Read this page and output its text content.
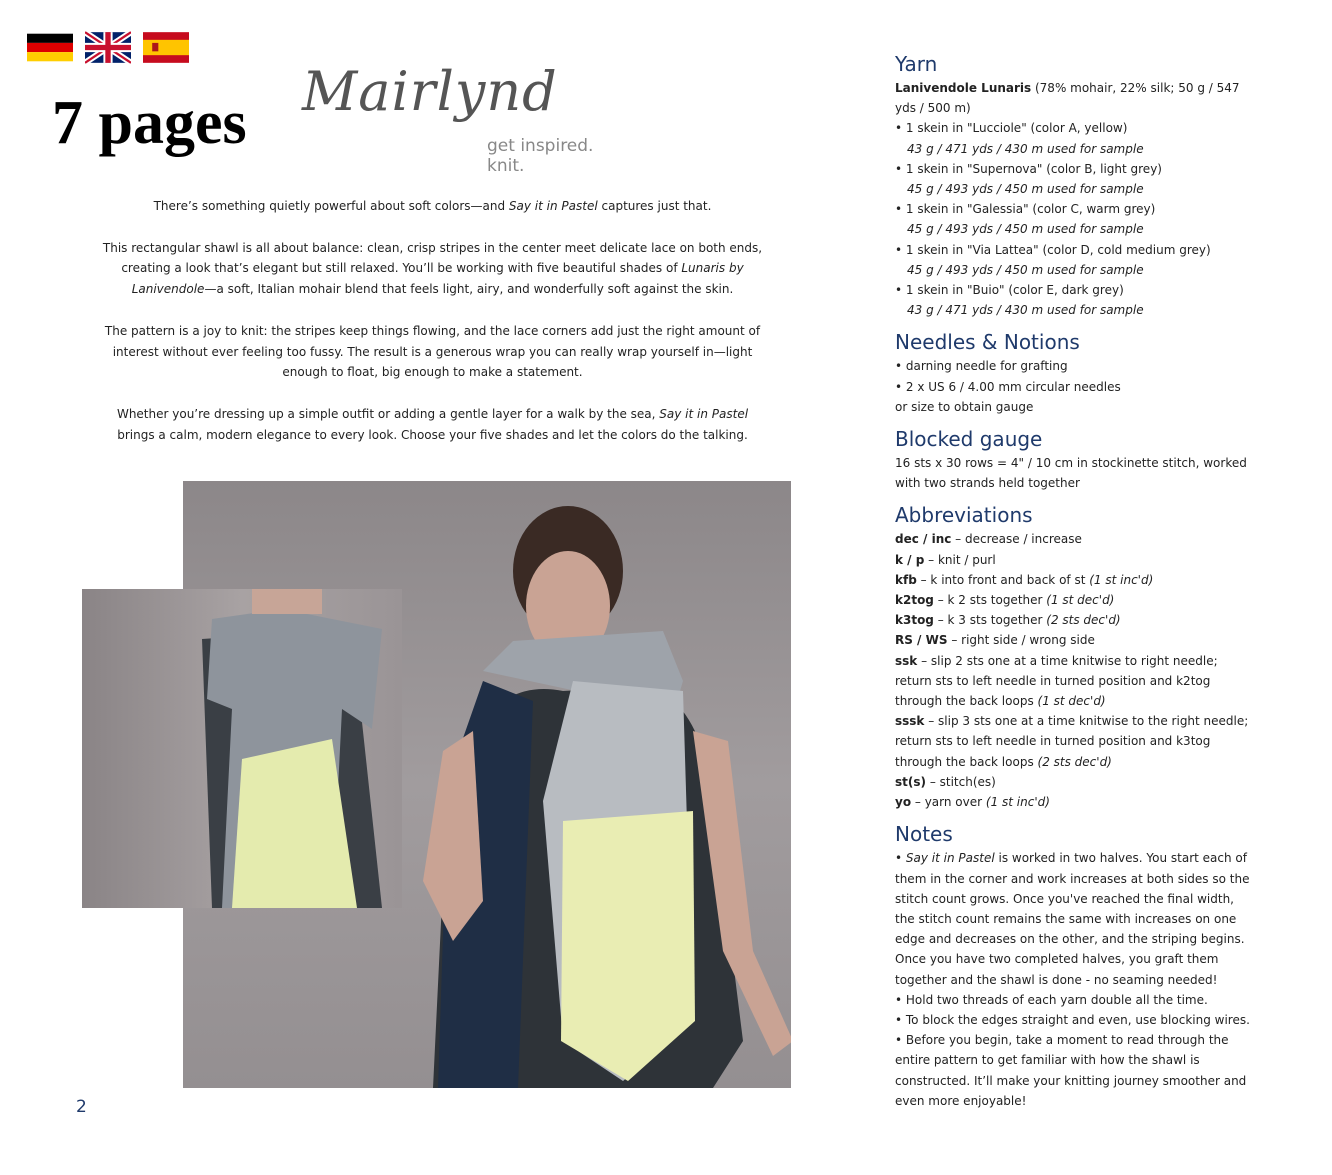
7 pages Mairlynd
get inspired. knit.

There’s something quietly powerful about soft colors—and Say it in Pastel captures just that.

This rectangular shawl is all about balance: clean, crisp stripes in the center meet delicate lace on both ends, creating a look that’s elegant but still relaxed. You’ll be working with five beautiful shades of Lunaris by Lanivendole—a soft, Italian mohair blend that feels light, airy, and wonderfully soft against the skin.

The pattern is a joy to knit: the stripes keep things flowing, and the lace corners add just the right amount of interest without ever feeling too fussy. The result is a generous wrap you can really wrap yourself in—light enough to float, big enough to make a statement.

Whether you’re dressing up a simple outfit or adding a gentle layer for a walk by the sea, Say it in Pastel brings a calm, modern elegance to every look. Choose your five shades and let the colors do the talking.

2
Yarn
Lanivendole Lunaris (78% mohair, 22% silk; 50 g / 547 yds / 500 m)
• 1 skein in "Lucciole" (color A, yellow)
43 g / 471 yds / 430 m used for sample
• 1 skein in "Supernova" (color B, light grey)
45 g / 493 yds / 450 m used for sample
• 1 skein in "Galessia" (color C, warm grey)
45 g / 493 yds / 450 m used for sample
• 1 skein in "Via Lattea" (color D, cold medium grey)
45 g / 493 yds / 450 m used for sample
• 1 skein in "Buio" (color E, dark grey)
43 g / 471 yds / 430 m used for sample
Needles & Notions
• darning needle for grafting
• 2 x US 6 / 4.00 mm circular needles
or size to obtain gauge
Blocked gauge
16 sts x 30 rows = 4" / 10 cm in stockinette stitch, worked with two strands held together
Abbreviations
dec / inc – decrease / increase
k / p – knit / purl
kfb – k into front and back of st (1 st inc'd)
k2tog – k 2 sts together (1 st dec'd)
k3tog – k 3 sts together (2 sts dec'd)
RS / WS – right side / wrong side
ssk – slip 2 sts one at a time knitwise to right needle; return sts to left needle in turned position and k2tog through the back loops (1 st dec'd)
sssk – slip 3 sts one at a time knitwise to the right needle; return sts to left needle in turned position and k3tog through the back loops (2 sts dec'd)
st(s) – stitch(es)
yo – yarn over (1 st inc'd)
Notes
• Say it in Pastel is worked in two halves. You start each of them in the corner and work increases at both sides so the stitch count grows. Once you've reached the final width, the stitch count remains the same with increases on one edge and decreases on the other, and the striping begins. Once you have two completed halves, you graft them together and the shawl is done - no seaming needed!
• Hold two threads of each yarn double all the time.
• To block the edges straight and even, use blocking wires.
• Before you begin, take a moment to read through the entire pattern to get familiar with how the shawl is constructed. It’ll make your knitting journey smoother and even more enjoyable!
